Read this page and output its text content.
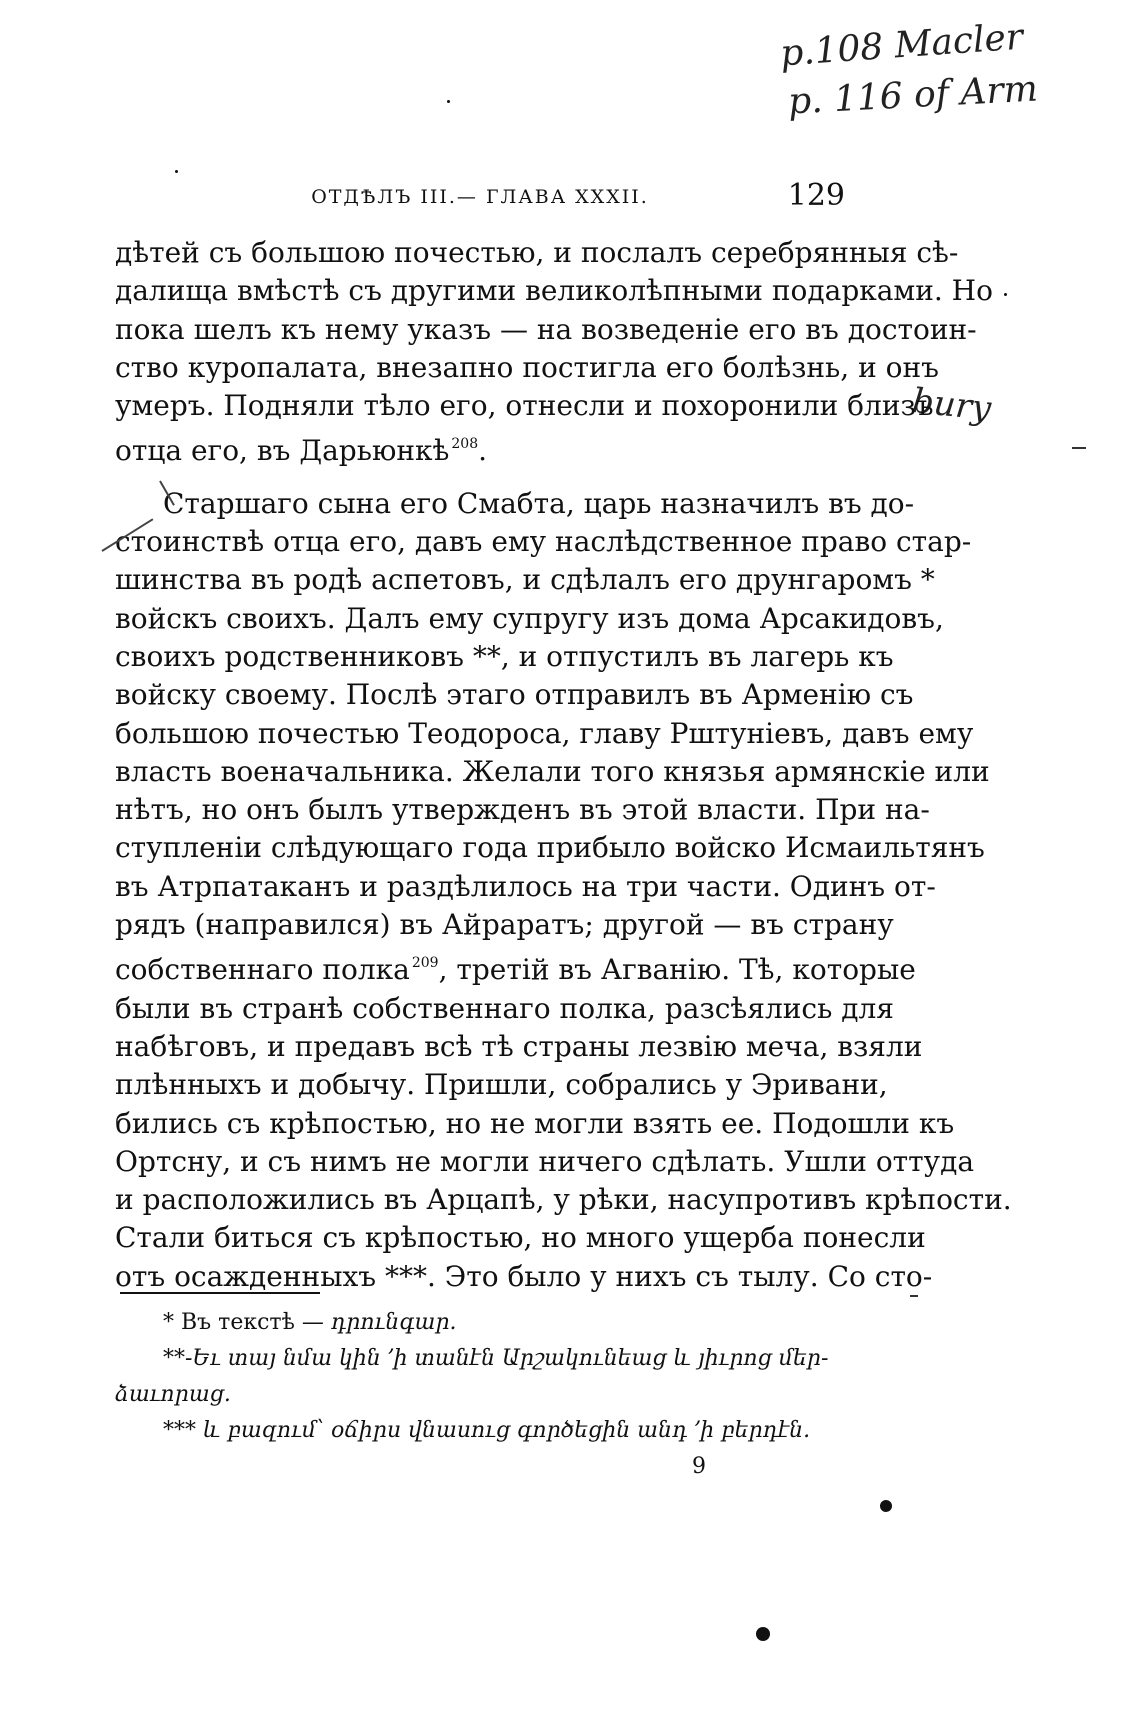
p.108 Macler
p. 116 of Arm
bury
ОТДѢЛЪ III.— ГЛАВА XXXII.	129
дѣтей съ большою почестью, и послалъ серебрянныя сѣ-
далища вмѣстѣ съ другими великолѣпными подарками. Но
пока шелъ къ нему указъ — на возведеніе его въ достоин-
ство куропалата, внезапно постигла его болѣзнь, и онъ
умеръ. Подняли тѣло его, отнесли и похоронили близъ
отца его, въ Дарьюнкѣ $^{208}$.
Старшаго сына его Смабта, царь назначилъ въ до-
стоинствѣ отца его, давъ ему наслѣдственное право стар-
шинства въ родѣ аспетовъ, и сдѣлалъ его друнгаромъ *
войскъ своихъ. Далъ ему супругу изъ дома Арсакидовъ,
своихъ родственниковъ **, и отпустилъ въ лагерь къ
войску своему. Послѣ этаго отправилъ въ Арменію съ
большою почестью Теодороса, главу Рштуніевъ, давъ ему
власть военачальника. Желали того князья армянскіе или
нѣтъ, но онъ былъ утвержденъ въ этой власти. При на-
ступленіи слѣдующаго года прибыло войско Исмаильтянъ
въ Атрпатаканъ и раздѣлилось на три части. Одинъ от-
рядъ (направился) въ Айраратъ; другой — въ страну
собственнаго полка $^{209}$, третій въ Агванію. Тѣ, которые
были въ странѣ собственнаго полка, разсѣялись для
набѣговъ, и предавъ всѣ тѣ страны лезвію меча, взяли
плѣнныхъ и добычу. Пришли, собрались у Эривани,
бились съ крѣпостью, но не могли взять ее. Подошли къ
Ортсну, и съ нимъ не могли ничего сдѣлать. Ушли оттуда
и расположились въ Арцапѣ, у рѣки, насупротивъ крѣпости.
Стали биться съ крѣпостью, но много ущерба понесли
отъ осажденныхъ ***. Это было у нихъ съ тылу. Со сто-
* Въ текстѣ — դրունգար.
**-Եւ տայ նմա կին ՚ի տանէն Արշակունեաց և յիւրոց մեր-
ձաւորաց.
*** և բազում՝ օճիրս վնասուց գործեցին անդ ՚ի բերդէն.
9
